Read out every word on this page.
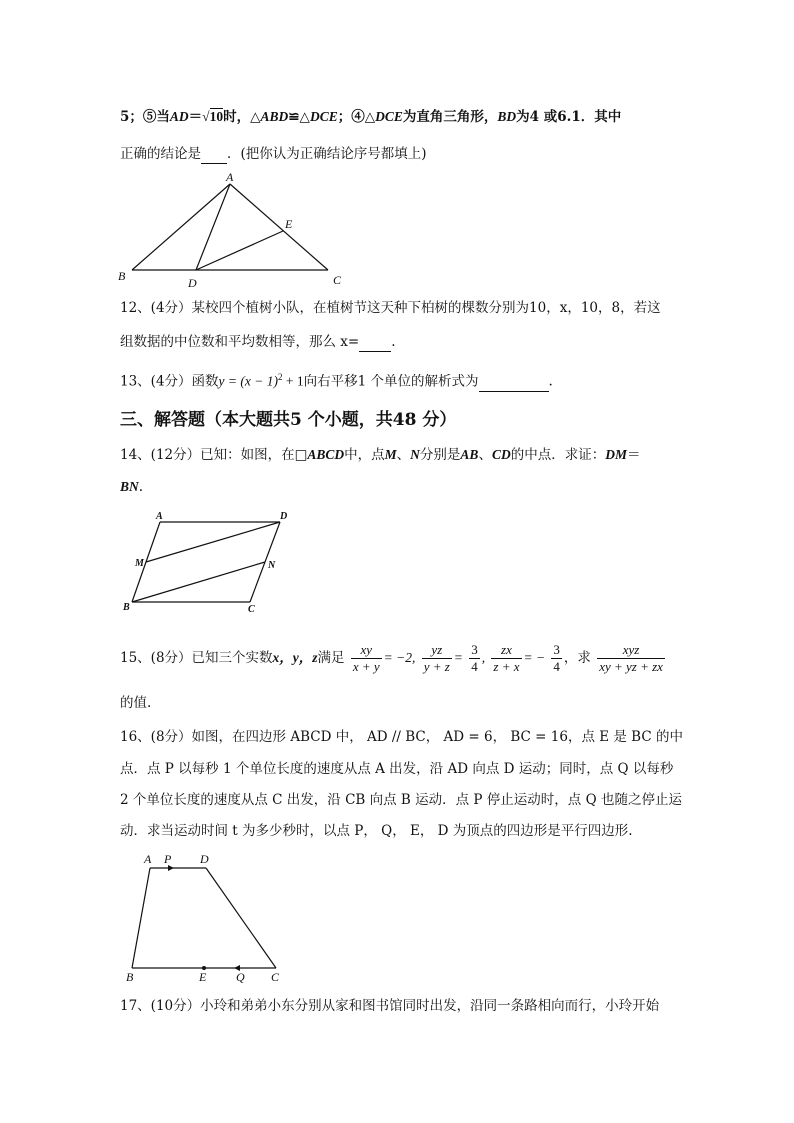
5；⑤当AD＝√10时，△ABD≌△DCE；④△DCE为直角三角形，BD为4 或6.1．其中
正确的结论是 ．(把你认为正确结论序号都填上)
A
B	C
D
E
12、(4分）某校四个植树小队，在植树节这天种下柏树的棵数分别为10，x，10，8，若这
组数据的中位数和平均数相等，那么 x= .
13、(4分）函数$y = (x - 1)^2 + 1$向右平移1 个单位的解析式为	.
三、解答题（本大题共5 个小题，共48 分）
14、(12分）已知：如图，在□ABCD中，点M、N分别是AB、CD的中点．求证：DM＝
BN.
A	D
M	N
B	C
15、(8分）已知三个实数x，y，z满足 $\frac{xy}{x + y} = -2$, $\frac{yz}{y + z} = \frac{3}{4}$ , $\frac{zx}{z + x}$ = − $\frac{3}{4}$ ，求 $\frac{\text{xyz}}{xy + yz + zx}$
的值.
16、(8分）如图，在四边形 ABCD 中， AD // BC， AD = 6， BC = 16，点 E 是 BC 的中
点．点 P 以每秒 1 个单位长度的速度从点 A 出发，沿 AD 向点 D 运动；同时，点 Q 以每秒
2 个单位长度的速度从点 C 出发，沿 CB 向点 B 运动．点 P 停止运动时，点 Q 也随之停止运
动．求当运动时间 t 为多少秒时，以点 P， Q， E， D 为顶点的四边形是平行四边形.
A P D
B	E Q C
17、(10分）小玲和弟弟小东分别从家和图书馆同时出发，沿同一条路相向而行，小玲开始
